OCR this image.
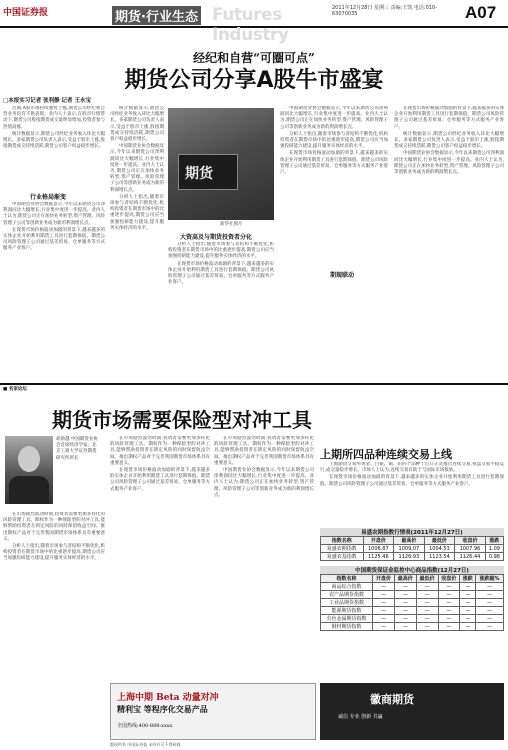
中国证券报	期货·行业生态 Futures Industry
2011年12月28日 星期三 责编:王凯 电话:010-63070035	A07
经纪和自营“可圈可点”
期货公司分享A股牛市盛宴
□本报实习记者 张利静 记者 王永宝

近期,A股市场持续强势上涨,期货公司经纪和自营业务均有不俗表现。业内人士表示,在股市行情带动下,期货公司股指期货成交量明显增加,投资者参与热情高涨。

统计数据显示,期货公司经纪业务收入环比大幅增长。多家期货公司负责人表示,受益于股市上涨,股指期货成交持续活跃,期货公司客户权益稳步增长。

行业格局渐变

中国期货业协会数据显示,今年以来期货公司净利润同比大幅增长,行业集中度进一步提高。业内人士认为,期货公司正在加快业务转型,资产管理、风险管理子公司等创新业务成为新的利润增长点。

在现货市场价格波动加剧的背景下,越来越多的实体企业开始利用期货工具进行套期保值。期货公司风险管理子公司通过基差贸易、仓单服务等方式服务产业客户。

统计数据显示,期货公司经纪业务收入环比大幅增长。多家期货公司负责人表示,受益于股市上涨,股指期货成交持续活跃,期货公司客户权益稳步增长。

中国期货业协会数据显示,今年以来期货公司净利润同比大幅增长,行业集中度进一步提高。业内人士认为,期货公司正在加快业务转型,资产管理、风险管理子公司等创新业务成为新的利润增长点。

分析人士指出,随着市场参与者结构不断优化,机构投资者在期货市场中的比重逐步提高,期货公司应当加强投研能力建设,提升服务实体经济的水平。

期货
新华社图片
大资高及与期货投资者分化

分析人士指出,随着市场参与者结构不断优化,机构投资者在期货市场中的比重逐步提高,期货公司应当加强投研能力建设,提升服务实体经济的水平。

在现货市场价格波动加剧的背景下,越来越多的实体企业开始利用期货工具进行套期保值。期货公司风险管理子公司通过基差贸易、仓单服务等方式服务产业客户。

中国期货业协会数据显示,今年以来期货公司净利润同比大幅增长,行业集中度进一步提高。业内人士认为,期货公司正在加快业务转型,资产管理、风险管理子公司等创新业务成为新的利润增长点。

分析人士指出,随着市场参与者结构不断优化,机构投资者在期货市场中的比重逐步提高,期货公司应当加强投研能力建设,提升服务实体经济的水平。

在现货市场价格波动加剧的背景下,越来越多的实体企业开始利用期货工具进行套期保值。期货公司风险管理子公司通过基差贸易、仓单服务等方式服务产业客户。

期现联动

在现货市场价格波动加剧的背景下,越来越多的实体企业开始利用期货工具进行套期保值。期货公司风险管理子公司通过基差贸易、仓单服务等方式服务产业客户。

统计数据显示,期货公司经纪业务收入环比大幅增长。多家期货公司负责人表示,受益于股市上涨,股指期货成交持续活跃,期货公司客户权益稳步增长。

中国期货业协会数据显示,今年以来期货公司净利润同比大幅增长,行业集中度进一步提高。业内人士认为,期货公司正在加快业务转型,资产管理、风险管理子公司等创新业务成为新的利润增长点。

■ 名家论坛
期货市场需要保险型对冲工具
胡俞越 中国期货业协会首席经济学家、北京工商大学证券期货研究所所长

在市场剧烈波动时期,投资者需要更加多样化的风险管理工具。期权作为一种保险型的对冲工具,能够帮助投资者在锁定风险的同时保留收益空间。推出期权产品对于完善我国期货市场体系具有重要意义。

分析人士指出,随着市场参与者结构不断优化,机构投资者在期货市场中的比重逐步提高,期货公司应当加强投研能力建设,提升服务实体经济的水平。

在市场剧烈波动时期,投资者需要更加多样化的风险管理工具。期权作为一种保险型的对冲工具,能够帮助投资者在锁定风险的同时保留收益空间。推出期权产品对于完善我国期货市场体系具有重要意义。

在现货市场价格波动加剧的背景下,越来越多的实体企业开始利用期货工具进行套期保值。期货公司风险管理子公司通过基差贸易、仓单服务等方式服务产业客户。

在市场剧烈波动时期,投资者需要更加多样化的风险管理工具。期权作为一种保险型的对冲工具,能够帮助投资者在锁定风险的同时保留收益空间。推出期权产品对于完善我国期货市场体系具有重要意义。

中国期货业协会数据显示,今年以来期货公司净利润同比大幅增长,行业集中度进一步提高。业内人士认为,期货公司正在加快业务转型,资产管理、风险管理子公司等创新业务成为新的利润增长点。

上期所四品种连续交易上线

上海期货交易所黄金、白银、铜、铝四个品种于近日正式推出连续交易,夜盘交易平稳运行,成交量稳步增长。市场人士认为,连续交易有助于与国际市场接轨。

在现货市场价格波动加剧的背景下,越来越多的实体企业开始利用期货工具进行套期保值。期货公司风险管理子公司通过基差贸易、仓单服务等方式服务产业客户。

易盛农期指数行情表(2011年12月27日)
指数名称	开盘价	最高价	最低价	收盘价	涨跌
易盛农期指数	1006.87	1009.07	1004.53	1007.96	1.09
易盛农基指数	1125.46	1126.93	1123.54	1126.44	0.98
中国期货保证金监控中心商品指数(12月27日)
指数名称	开盘价	最高价	最低价	收盘价	涨跌	涨跌幅%
商品综合指数	—	—	—	—	—	—
农产品期货指数	—	—	—	—	—	—
工业品期货指数	—	—	—	—	—	—
能源期货指数	—	—	—	—	—	—
有色金属期货指数	—	—	—	—	—	—
钢材期货指数	—	—	—	—	—	—
上海中期 Beta 动量对冲
精利宝 等程序化交易产品
全国热线:400-888-xxxx
徽商期货
诚信 专业 创新 共赢
版权所有 中国证券报 未经许可不得转载
